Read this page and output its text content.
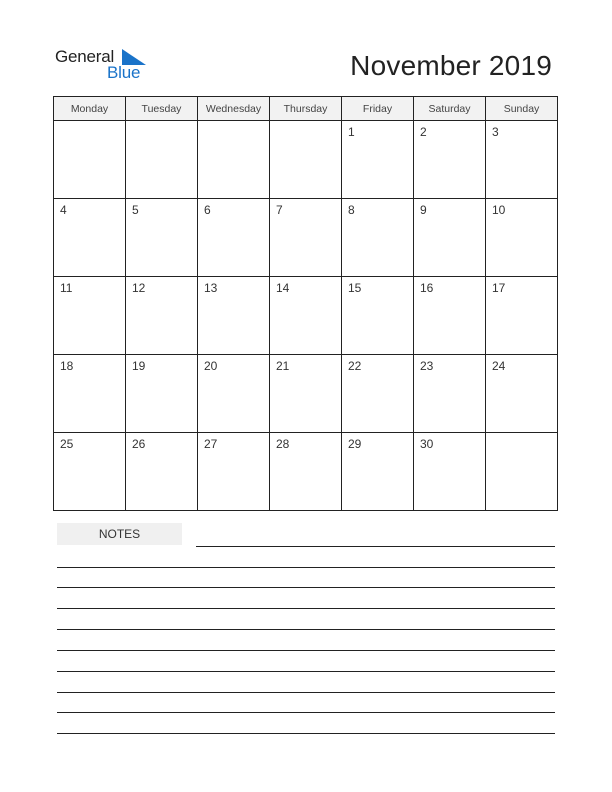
General
Blue	November 2019
Monday	Tuesday	Wednesday	Thursday	Friday	Saturday	Sunday
				1	2	3
4	5	6	7	8	9	10
11	12	13	14	15	16	17
18	19	20	21	22	23	24
25	26	27	28	29	30	
NOTES
